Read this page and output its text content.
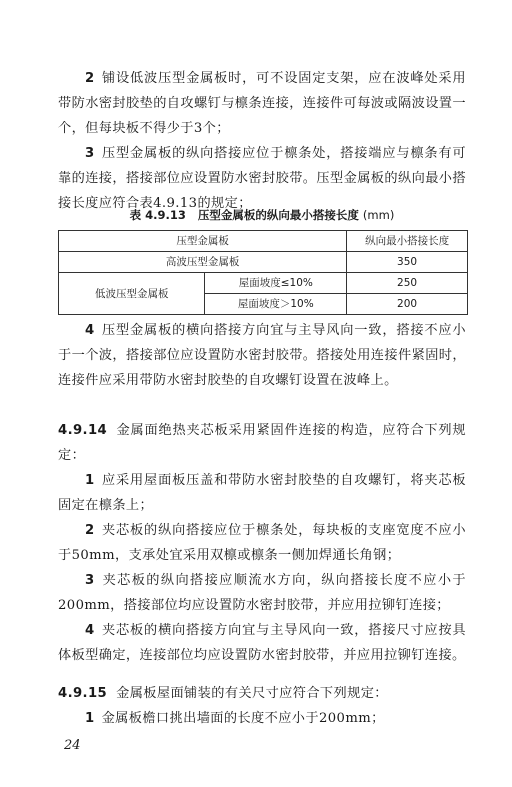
2 铺设低波压型金属板时，可不设固定支架，应在波峰处采用带防水密封胶垫的自攻螺钉与檩条连接，连接件可每波或隔波设置一个，但每块板不得少于3个；

3 压型金属板的纵向搭接应位于檩条处，搭接端应与檩条有可靠的连接，搭接部位应设置防水密封胶带。压型金属板的纵向最小搭接长度应符合表4.9.13的规定；

表 4.9.13 压型金属板的纵向最小搭接长度 (mm)
压型金属板		纵向最小搭接长度
高波压型金属板		350
低波压型金属板	屋面坡度≤10%	250
	屋面坡度＞10%	200

4 压型金属板的横向搭接方向宜与主导风向一致，搭接不应小于一个波，搭接部位应设置防水密封胶带。搭接处用连接件紧固时，连接件应采用带防水密封胶垫的自攻螺钉设置在波峰上。

4.9.14 金属面绝热夹芯板采用紧固件连接的构造，应符合下列规定：

1 应采用屋面板压盖和带防水密封胶垫的自攻螺钉，将夹芯板固定在檩条上；

2 夹芯板的纵向搭接应位于檩条处，每块板的支座宽度不应小于50mm，支承处宜采用双檩或檩条一侧加焊通长角钢；

3 夹芯板的纵向搭接应顺流水方向，纵向搭接长度不应小于200mm，搭接部位均应设置防水密封胶带，并应用拉铆钉连接；

4 夹芯板的横向搭接方向宜与主导风向一致，搭接尺寸应按具体板型确定，连接部位均应设置防水密封胶带，并应用拉铆钉连接。

4.9.15 金属板屋面铺装的有关尺寸应符合下列规定：

1 金属板檐口挑出墙面的长度不应小于200mm；

24
